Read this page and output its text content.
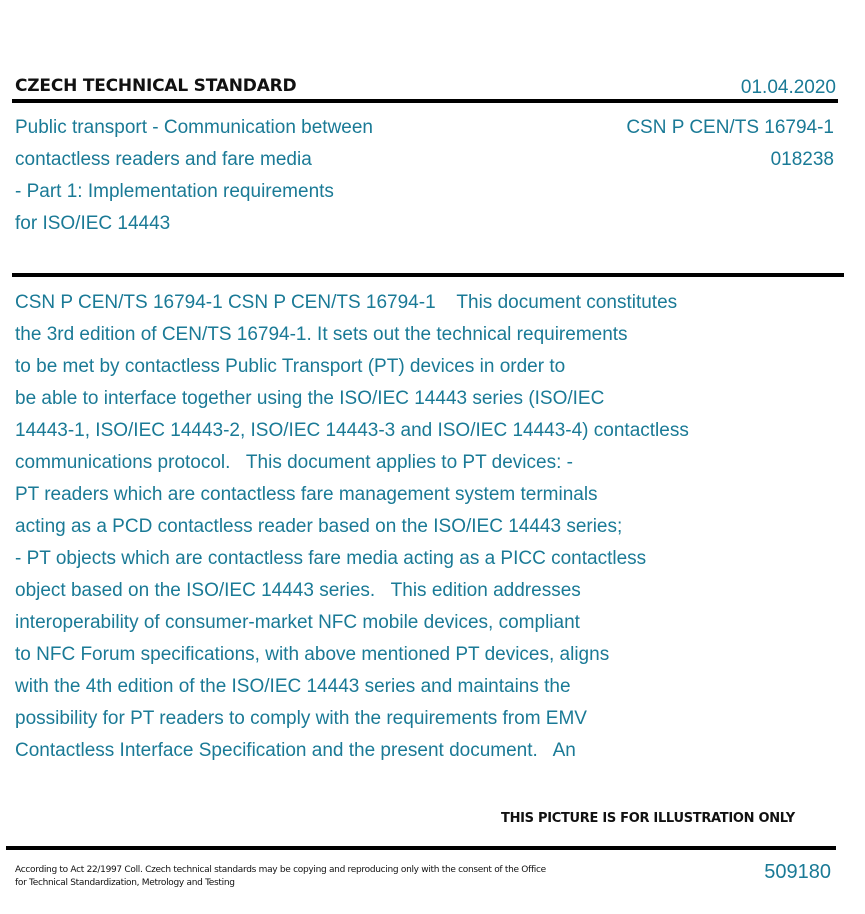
CZECH TECHNICAL STANDARD	01.04.2020
Public transport - Communication between
contactless readers and fare media
- Part 1: Implementation requirements
for ISO/IEC 14443
CSN P CEN/TS 16794-1
018238
CSN P CEN/TS 16794-1 CSN P CEN/TS 16794-1    This document constitutes
the 3rd edition of CEN/TS 16794-1. It sets out the technical requirements
to be met by contactless Public Transport (PT) devices in order to
be able to interface together using the ISO/IEC 14443 series (ISO/IEC
14443-1, ISO/IEC 14443-2, ISO/IEC 14443-3 and ISO/IEC 14443-4) contactless
communications protocol.   This document applies to PT devices: -
PT readers which are contactless fare management system terminals
acting as a PCD contactless reader based on the ISO/IEC 14443 series;
- PT objects which are contactless fare media acting as a PICC contactless
object based on the ISO/IEC 14443 series.   This edition addresses
interoperability of consumer-market NFC mobile devices, compliant
to NFC Forum specifications, with above mentioned PT devices, aligns
with the 4th edition of the ISO/IEC 14443 series and maintains the
possibility for PT readers to comply with the requirements from EMV
Contactless Interface Specification and the present document.   An
THIS PICTURE IS FOR ILLUSTRATION ONLY
According to Act 22/1997 Coll. Czech technical standards may be copying and reproducing only with the consent of the Office
for Technical Standardization, Metrology and Testing	509180
